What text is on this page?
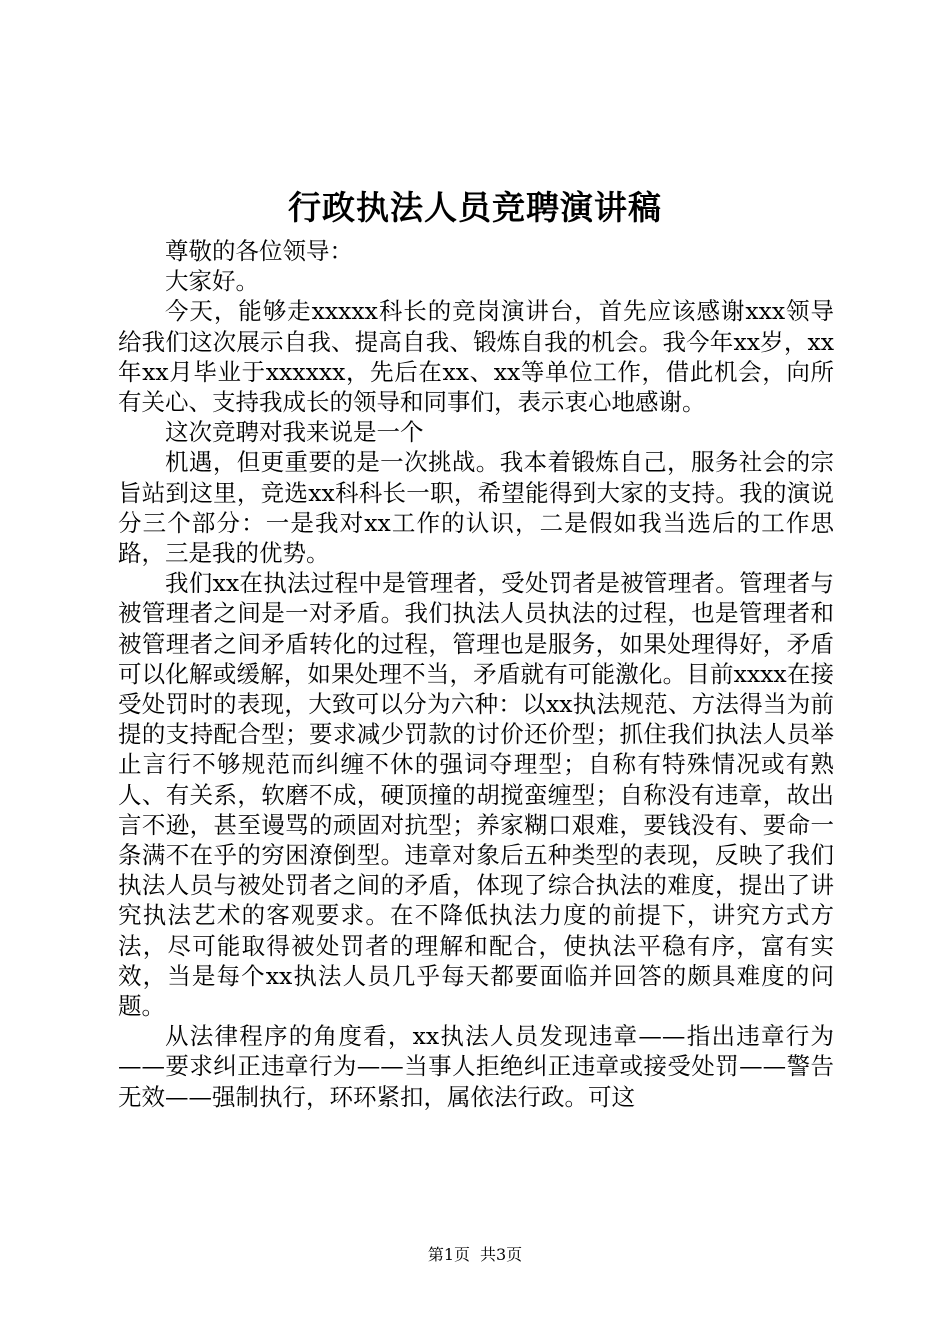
行政执法人员竞聘演讲稿

尊敬的各位领导：

大家好。

今天，能够走xxxxx科长的竞岗演讲台，首先应该感谢xxx领导给我们这次展示自我、提高自我、锻炼自我的机会。我今年xx岁，xx年xx月毕业于xxxxxx，先后在xx、xx等单位工作，借此机会，向所有关心、支持我成长的领导和同事们，表示衷心地感谢。

这次竞聘对我来说是一个

机遇，但更重要的是一次挑战。我本着锻炼自己，服务社会的宗旨站到这里，竞选xx科科长一职，希望能得到大家的支持。我的演说分三个部分：一是我对xx工作的认识，二是假如我当选后的工作思路，三是我的优势。

我们xx在执法过程中是管理者，受处罚者是被管理者。管理者与被管理者之间是一对矛盾。我们执法人员执法的过程，也是管理者和被管理者之间矛盾转化的过程，管理也是服务，如果处理得好，矛盾可以化解或缓解，如果处理不当，矛盾就有可能激化。目前xxxx在接受处罚时的表现，大致可以分为六种：以xx执法规范、方法得当为前提的支持配合型；要求减少罚款的讨价还价型；抓住我们执法人员举止言行不够规范而纠缠不休的强词夺理型；自称有特殊情况或有熟人、有关系，软磨不成，硬顶撞的胡搅蛮缠型；自称没有违章，故出言不逊，甚至谩骂的顽固对抗型；养家糊口艰难，要钱没有、要命一条满不在乎的穷困潦倒型。违章对象后五种类型的表现，反映了我们执法人员与被处罚者之间的矛盾，体现了综合执法的难度，提出了讲究执法艺术的客观要求。在不降低执法力度的前提下，讲究方式方法，尽可能取得被处罚者的理解和配合，使执法平稳有序，富有实效，当是每个xx执法人员几乎每天都要面临并回答的颇具难度的问题。

从法律程序的角度看，xx执法人员发现违章——指出违章行为——要求纠正违章行为——当事人拒绝纠正违章或接受处罚——警告无效——强制执行，环环紧扣，属依法行政。可这

第1页 共3页
